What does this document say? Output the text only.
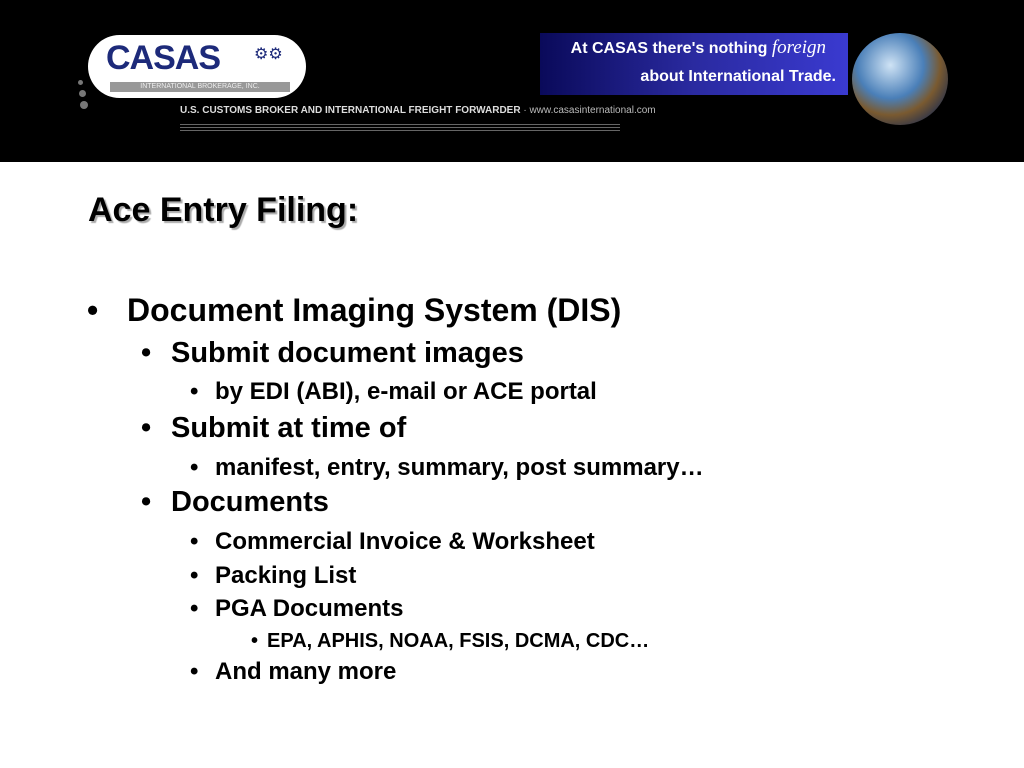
CASAS ⚙⚙
INTERNATIONAL BROKERAGE, INC.
U.S. CUSTOMS BROKER AND INTERNATIONAL FREIGHT FORWARDER · www.casasinternational.com
At CASAS there's nothing foreign
about International Trade.
Ace Entry Filing:
• Document Imaging System (DIS)
• Submit document images
• by EDI (ABI), e-mail or ACE portal
• Submit at time of
• manifest, entry, summary, post summary…
• Documents
• Commercial Invoice & Worksheet
• Packing List
• PGA Documents
• EPA, APHIS, NOAA, FSIS, DCMA, CDC…
• And many more
